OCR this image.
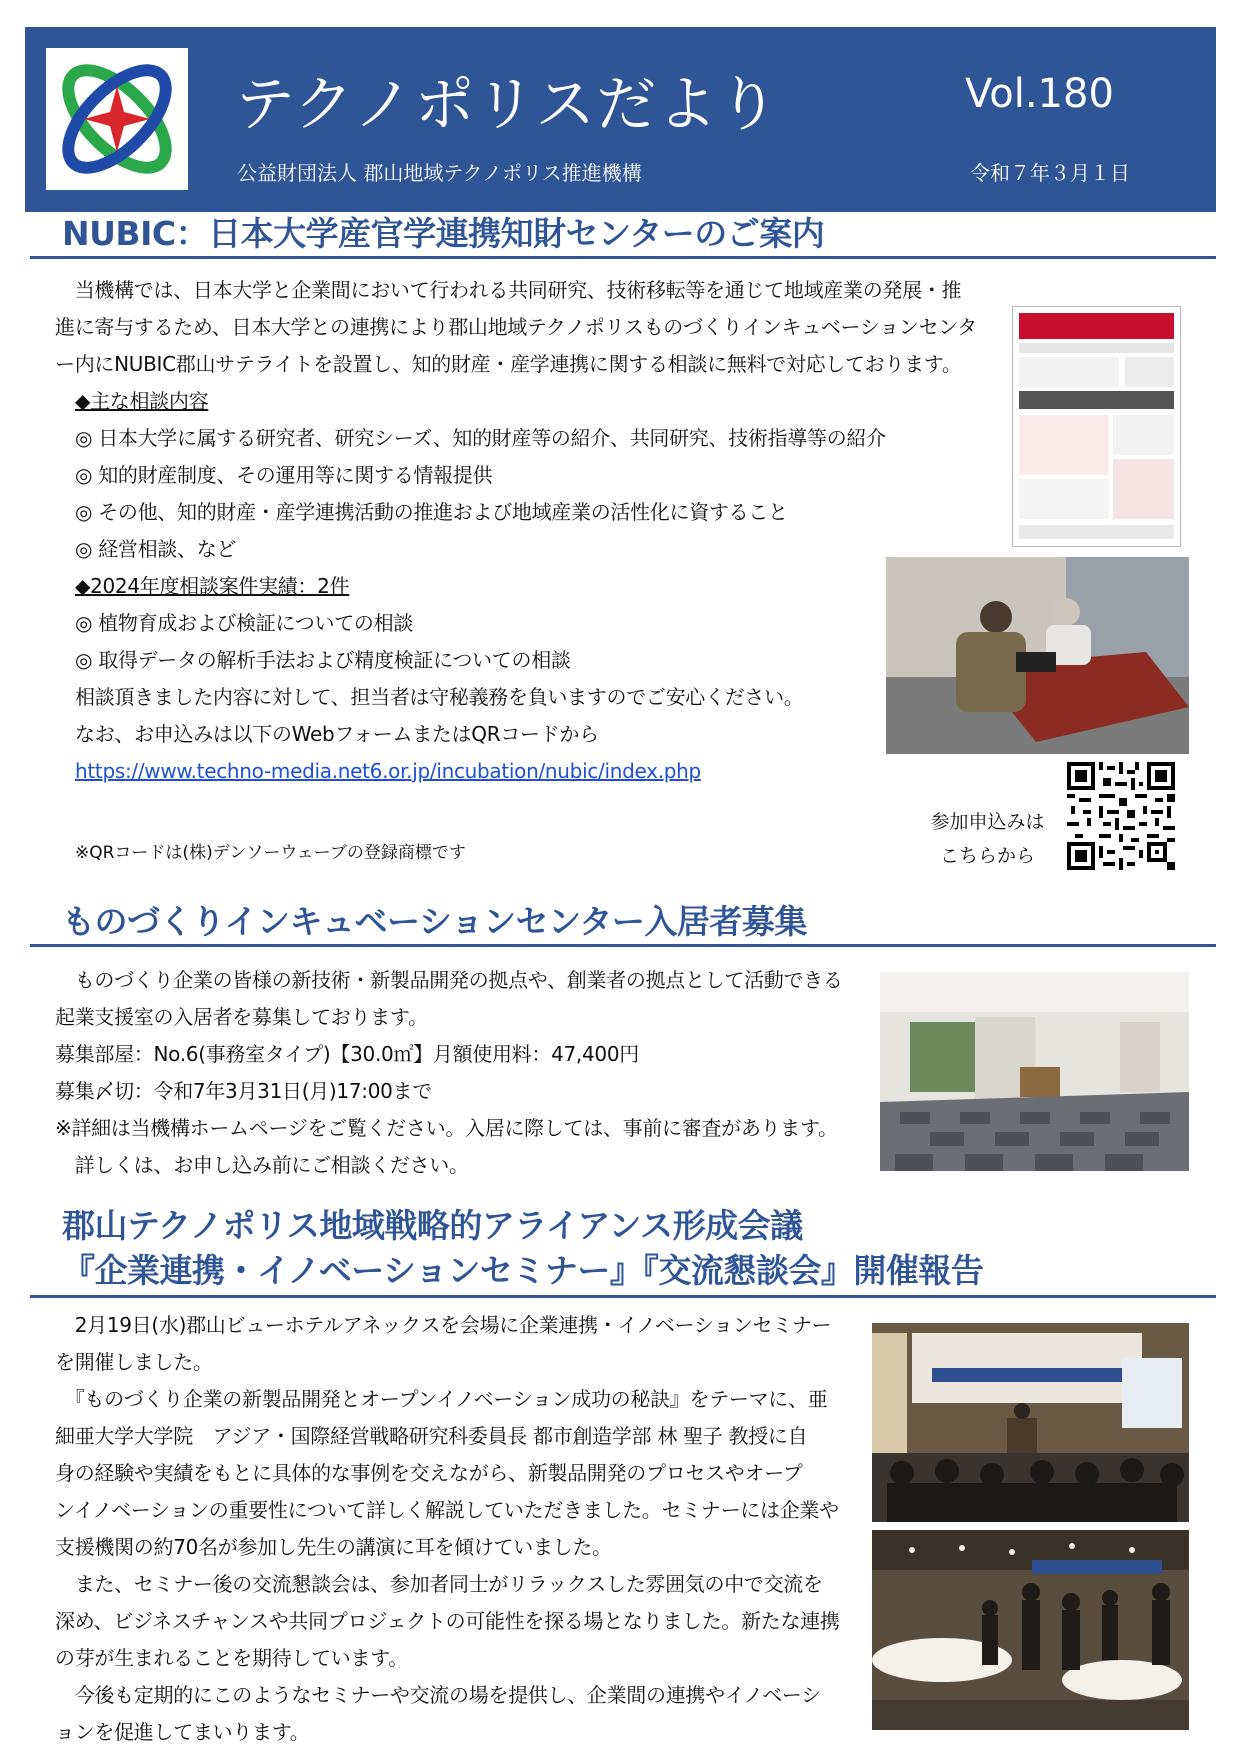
テクノポリスだより
公益財団法人 郡山地域テクノポリス推進機構
Vol.180
令和７年３月１日
NUBIC：日本大学産官学連携知財センターのご案内
　当機構では、日本大学と企業間において行われる共同研究、技術移転等を通じて地域産業の発展・推
進に寄与するため、日本大学との連携により郡山地域テクノポリスものづくりインキュベーションセンタ
ー内にNUBIC郡山サテライトを設置し、知的財産・産学連携に関する相談に無料で対応しております。
◆主な相談内容
◎ 日本大学に属する研究者、研究シーズ、知的財産等の紹介、共同研究、技術指導等の紹介
◎ 知的財産制度、その運用等に関する情報提供
◎ その他、知的財産・産学連携活動の推進および地域産業の活性化に資すること
◎ 経営相談、など
◆2024年度相談案件実績：2件
◎ 植物育成および検証についての相談
◎ 取得データの解析手法および精度検証についての相談
相談頂きました内容に対して、担当者は守秘義務を負いますのでご安心ください。
なお、お申込みは以下のWebフォームまたはQRコードから
https://www.techno-media.net6.or.jp/incubation/nubic/index.php
※QRコードは(株)デンソーウェーブの登録商標です
参加申込みは
こちらから
ものづくりインキュベーションセンター入居者募集
　ものづくり企業の皆様の新技術・新製品開発の拠点や、創業者の拠点として活動できる
起業支援室の入居者を募集しております。
募集部屋：No.6(事務室タイプ)【30.0㎡】月額使用料：47,400円
募集〆切：令和7年3月31日(月)17:00まで
※詳細は当機構ホームページをご覧ください。入居に際しては、事前に審査があります。
　詳しくは、お申し込み前にご相談ください。
郡山テクノポリス地域戦略的アライアンス形成会議
『企業連携・イノベーションセミナー』『交流懇談会』開催報告
　2月19日(水)郡山ビューホテルアネックスを会場に企業連携・イノベーションセミナー
を開催しました。
　『ものづくり企業の新製品開発とオープンイノベーション成功の秘訣』をテーマに、亜
細亜大学大学院　アジア・国際経営戦略研究科委員長 都市創造学部 林 聖子 教授に自
身の経験や実績をもとに具体的な事例を交えながら、新製品開発のプロセスやオープ
ンイノベーションの重要性について詳しく解説していただきました。セミナーには企業や
支援機関の約70名が参加し先生の講演に耳を傾けていました。
　また、セミナー後の交流懇談会は、参加者同士がリラックスした雰囲気の中で交流を
深め、ビジネスチャンスや共同プロジェクトの可能性を探る場となりました。新たな連携
の芽が生まれることを期待しています。
　今後も定期的にこのようなセミナーや交流の場を提供し、企業間の連携やイノベーシ
ョンを促進してまいります。
